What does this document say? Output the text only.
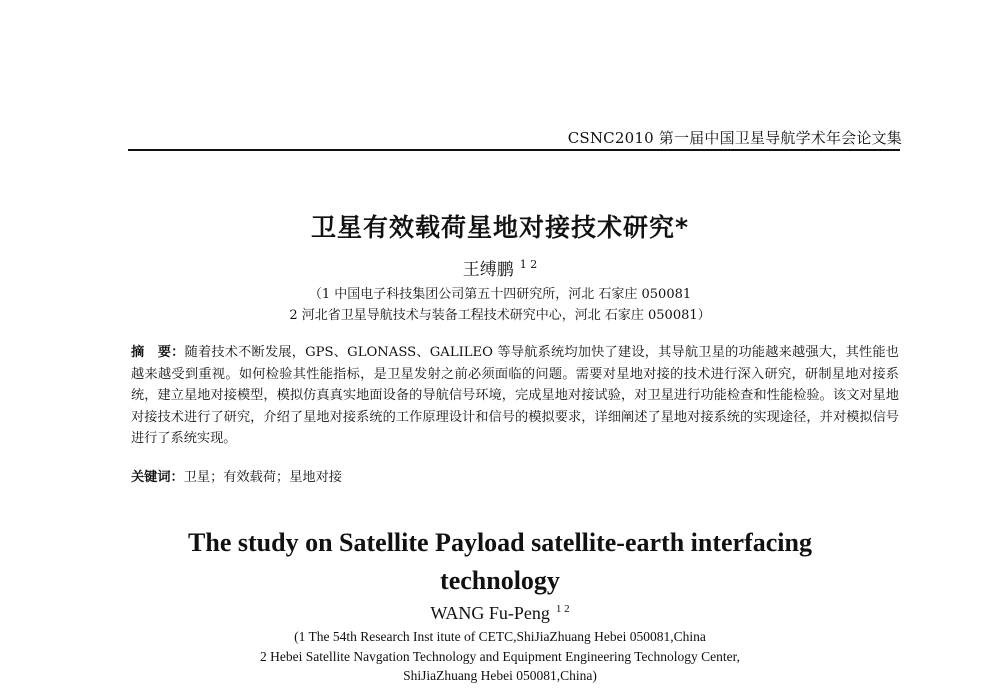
CSNC2010 第一届中国卫星导航学术年会论文集
卫星有效载荷星地对接技术研究*
王缚鹏 $^{1 2}$
（1 中国电子科技集团公司第五十四研究所，河北 石家庄 050081
2 河北省卫星导航技术与装备工程技术研究中心，河北 石家庄 050081）
摘　要：随着技术不断发展，GPS、GLONASS、GALILEO 等导航系统均加快了建设，其导航卫星的功能越来越强大，其性能也越来越受到重视。如何检验其性能指标，是卫星发射之前必须面临的问题。需要对星地对接的技术进行深入研究，研制星地对接系统，建立星地对接模型，模拟仿真真实地面设备的导航信号环境，完成星地对接试验，对卫星进行功能检查和性能检验。该文对星地对接技术进行了研究，介绍了星地对接系统的工作原理设计和信号的模拟要求，详细阐述了星地对接系统的实现途径，并对模拟信号进行了系统实现。
关键词：卫星；有效载荷；星地对接
The study on Satellite Payload satellite-earth interfacing
technology
WANG Fu-Peng $^{1 2}$
(1 The 54th Research Inst itute of CETC,ShiJiaZhuang Hebei 050081,China
2 Hebei Satellite Navgation Technology and Equipment Engineering Technology Center,
ShiJiaZhuang Hebei 050081,China)
